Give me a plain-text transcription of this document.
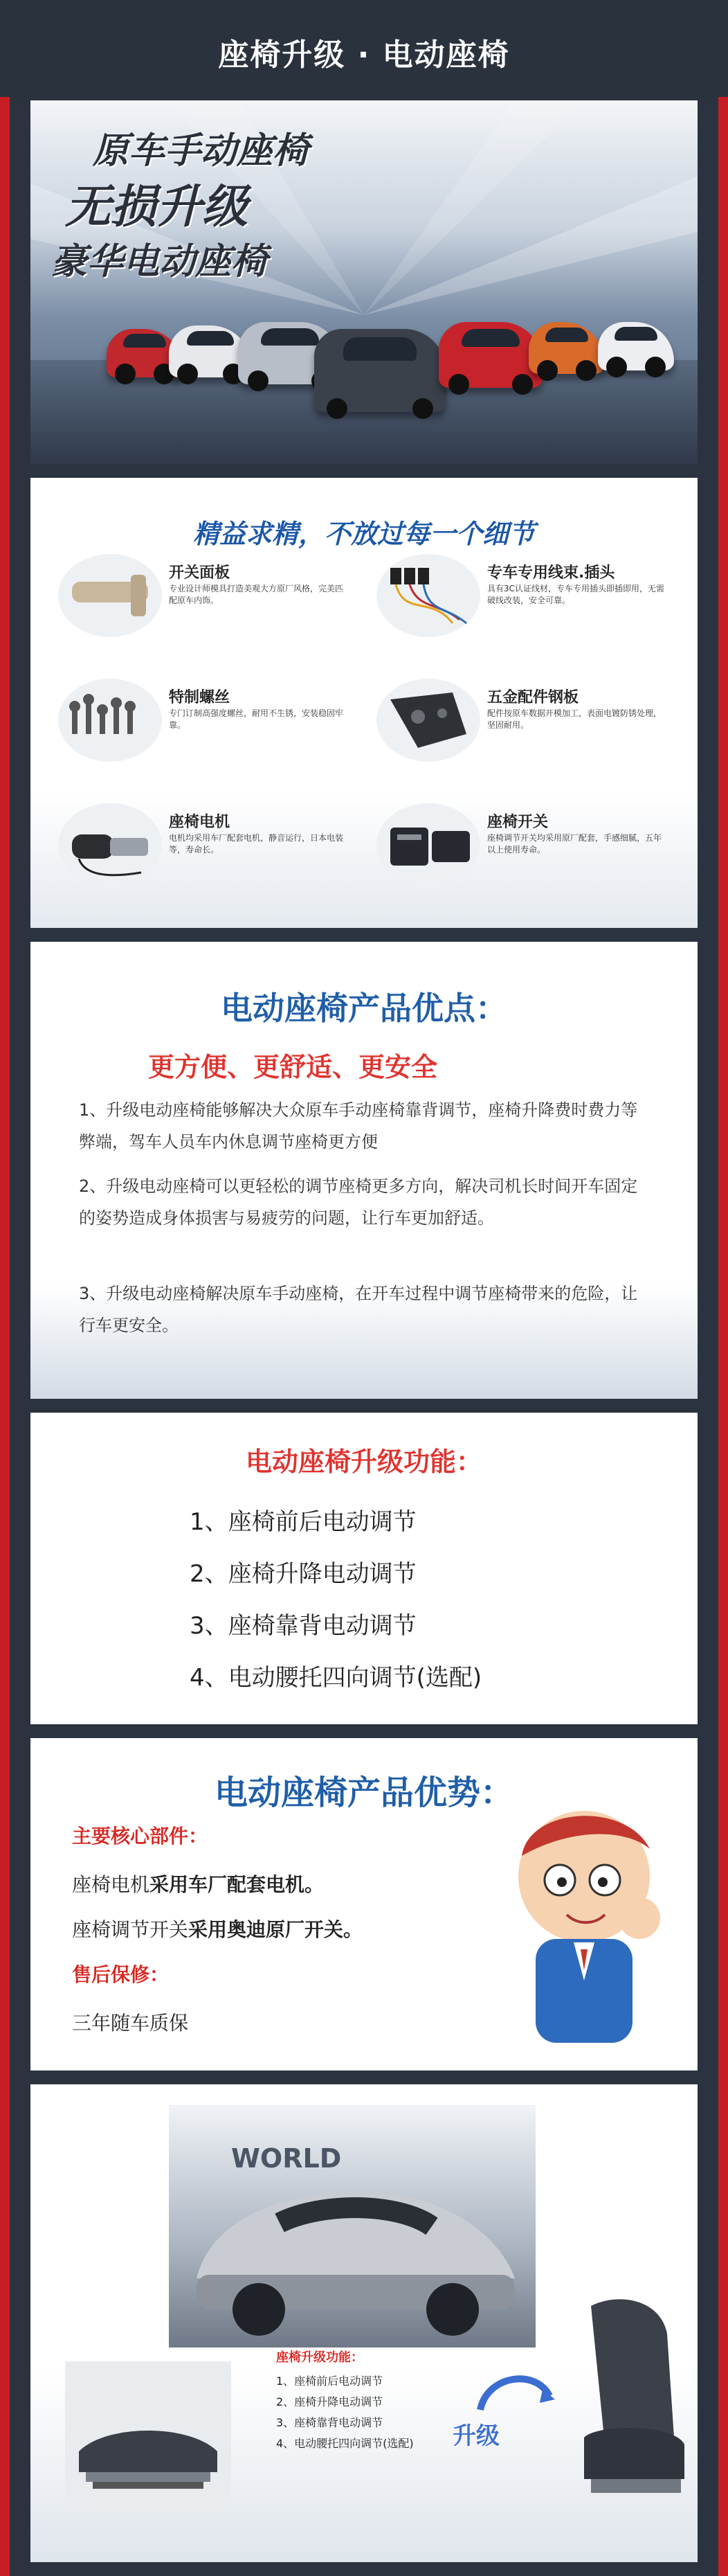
座椅升级 · 电动座椅
原车手动座椅
无损升级
豪华电动座椅
精益求精，不放过每一个细节
开关面板
专业设计师模具打造美观大方原厂风格，完美匹配原车内饰。
专车专用线束.插头
具有3C认证线材，专车专用插头即插即用，无需破线改装，安全可靠。
特制螺丝
专门订制高强度螺丝，耐用不生锈，安装稳固牢靠。
五金配件钢板
配件按原车数据开模加工，表面电镀防锈处理，坚固耐用。
座椅电机
电机均采用车厂配套电机，静音运行，日本电装等，寿命长。
座椅开关
座椅调节开关均采用原厂配套，手感细腻，五年以上使用寿命。
电动座椅产品优点：
更方便、更舒适、更安全
1、升级电动座椅能够解决大众原车手动座椅靠背调节，座椅升降费时费力等弊端，驾车人员车内休息调节座椅更方便
2、升级电动座椅可以更轻松的调节座椅更多方向，解决司机长时间开车固定的姿势造成身体损害与易疲劳的问题，让行车更加舒适。
3、升级电动座椅解决原车手动座椅，在开车过程中调节座椅带来的危险，让行车更安全。
电动座椅升级功能：
1、座椅前后电动调节
2、座椅升降电动调节
3、座椅靠背电动调节
4、电动腰托四向调节(选配)
电动座椅产品优势：
主要核心部件：
座椅电机采用车厂配套电机。
座椅调节开关采用奥迪原厂开关。
售后保修：
三年随车质保
WORLD
座椅升级功能：
1、座椅前后电动调节
2、座椅升降电动调节
3、座椅靠背电动调节
4、电动腰托四向调节(选配)	升级
